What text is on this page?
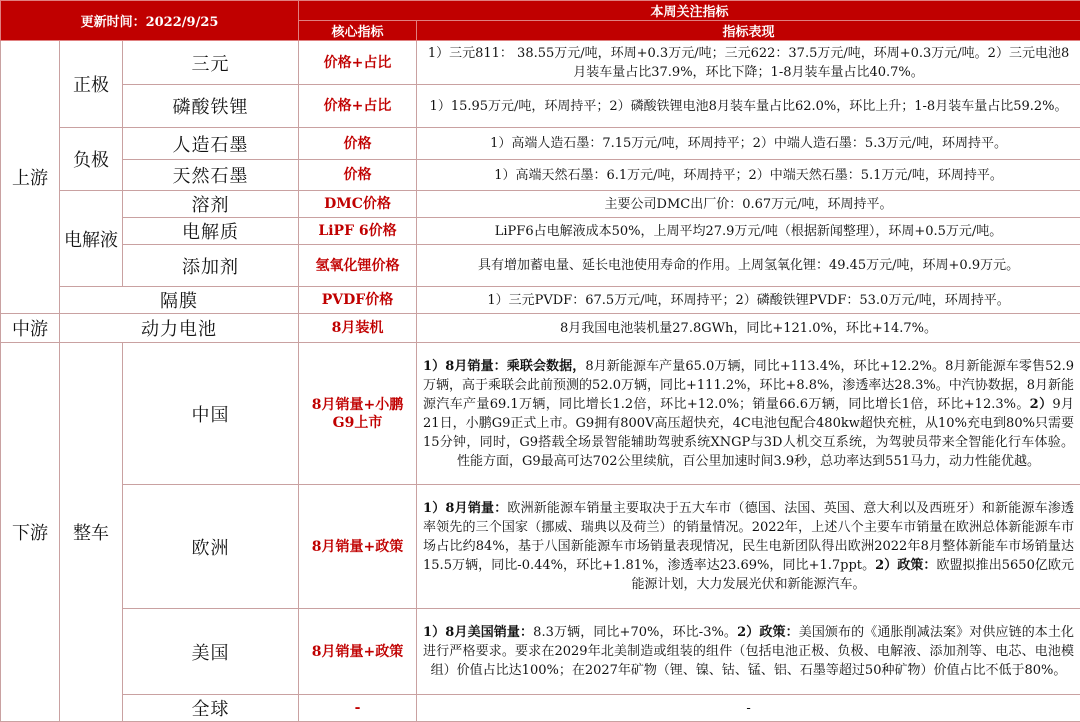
更新时间：2022/9/25			本周关注指标	
			核心指标	指标表现
上游	正极	三元	价格+占比	1）三元811： 38.55万元/吨，环周+0.3万元/吨；三元622：37.5万元/吨，环周+0.3万元/吨。2）三元电池8月装车量占比37.9%，环比下降；1-8月装车量占比40.7%。
		磷酸铁锂	价格+占比	1）15.95万元/吨，环周持平；2）磷酸铁锂电池8月装车量占比62.0%，环比上升；1-8月装车量占比59.2%。
	负极	人造石墨	价格	1）高端人造石墨：7.15万元/吨，环周持平；2）中端人造石墨：5.3万元/吨，环周持平。
		天然石墨	价格	1）高端天然石墨：6.1万元/吨，环周持平；2）中端天然石墨：5.1万元/吨，环周持平。
	电解液	溶剂	DMC价格	主要公司DMC出厂价：0.67万元/吨，环周持平。
		电解质	LiPF 6价格	LiPF6占电解液成本50%，上周平均27.9万元/吨（根据新闻整理），环周+0.5万元/吨。
		添加剂	氢氧化锂价格	具有增加蓄电量、延长电池使用寿命的作用。上周氢氧化锂：49.45万元/吨，环周+0.9万元。
	隔膜		PVDF价格	1）三元PVDF：67.5万元/吨，环周持平；2）磷酸铁锂PVDF：53.0万元/吨，环周持平。
中游	动力电池		8月装机	8月我国电池装机量27.8GWh，同比+121.0%，环比+14.7%。
下游	整车	中国	8月销量+小鹏G9上市	1）8月销量：乘联会数据，8月新能源车产量65.0万辆，同比+113.4%，环比+12.2%。8月新能源车零售52.9万辆，高于乘联会此前预测的52.0万辆，同比+111.2%，环比+8.8%，渗透率达28.3%。中汽协数据，8月新能源汽车产量69.1万辆，同比增长1.2倍，环比+12.0%；销量66.6万辆，同比增长1倍，环比+12.3%。2）9月21日，小鹏G9正式上市。G9拥有800V高压超快充，4C电池包配合480kw超快充桩，从10%充电到80%只需要15分钟，同时，G9搭载全场景智能辅助驾驶系统XNGP与3D人机交互系统，为驾驶员带来全智能化行车体验。性能方面，G9最高可达702公里续航，百公里加速时间3.9秒，总功率达到551马力，动力性能优越。
		欧洲	8月销量+政策	1）8月销量：欧洲新能源车销量主要取决于五大车市（德国、法国、英国、意大利以及西班牙）和新能源车渗透率领先的三个国家（挪威、瑞典以及荷兰）的销量情况。2022年，上述八个主要车市销量在欧洲总体新能源车市场占比约84%，基于八国新能源车市场销量表现情况，民生电新团队得出欧洲2022年8月整体新能车市场销量达15.5万辆，同比-0.44%，环比+1.81%，渗透率达23.69%，同比+1.7ppt。2）政策：欧盟拟推出5650亿欧元能源计划，大力发展光伏和新能源汽车。
		美国	8月销量+政策	1）8月美国销量：8.3万辆，同比+70%，环比-3%。2）政策：美国颁布的《通胀削减法案》对供应链的本土化进行严格要求。要求在2029年北美制造或组装的组件（包括电池正极、负极、电解液、添加剂等、电芯、电池模组）价值占比达100%；在2027年矿物（锂、镍、钴、锰、铝、石墨等超过50种矿物）价值占比不低于80%。
		全球	-	-
